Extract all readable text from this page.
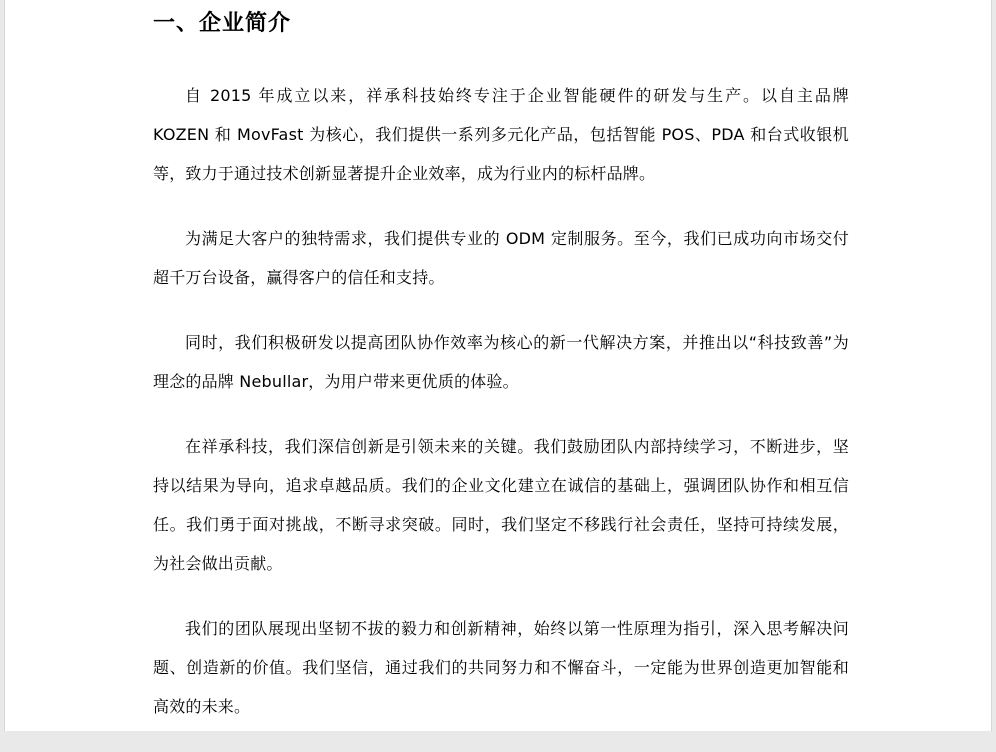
一、企业简介

自 2015 年成立以来，祥承科技始终专注于企业智能硬件的研发与生产。以自主品牌 KOZEN 和 MovFast 为核心，我们提供一系列多元化产品，包括智能 POS、PDA 和台式收银机等，致力于通过技术创新显著提升企业效率，成为行业内的标杆品牌。

为满足大客户的独特需求，我们提供专业的 ODM 定制服务。至今，我们已成功向市场交付超千万台设备，赢得客户的信任和支持。

同时，我们积极研发以提高团队协作效率为核心的新一代解决方案，并推出以“科技致善”为理念的品牌 Nebullar，为用户带来更优质的体验。

在祥承科技，我们深信创新是引领未来的关键。我们鼓励团队内部持续学习，不断进步，坚持以结果为导向，追求卓越品质。我们的企业文化建立在诚信的基础上，强调团队协作和相互信任。我们勇于面对挑战，不断寻求突破。同时，我们坚定不移践行社会责任，坚持可持续发展，为社会做出贡献。

我们的团队展现出坚韧不拔的毅力和创新精神，始终以第一性原理为指引，深入思考解决问题、创造新的价值。我们坚信，通过我们的共同努力和不懈奋斗，一定能为世界创造更加智能和高效的未来。
